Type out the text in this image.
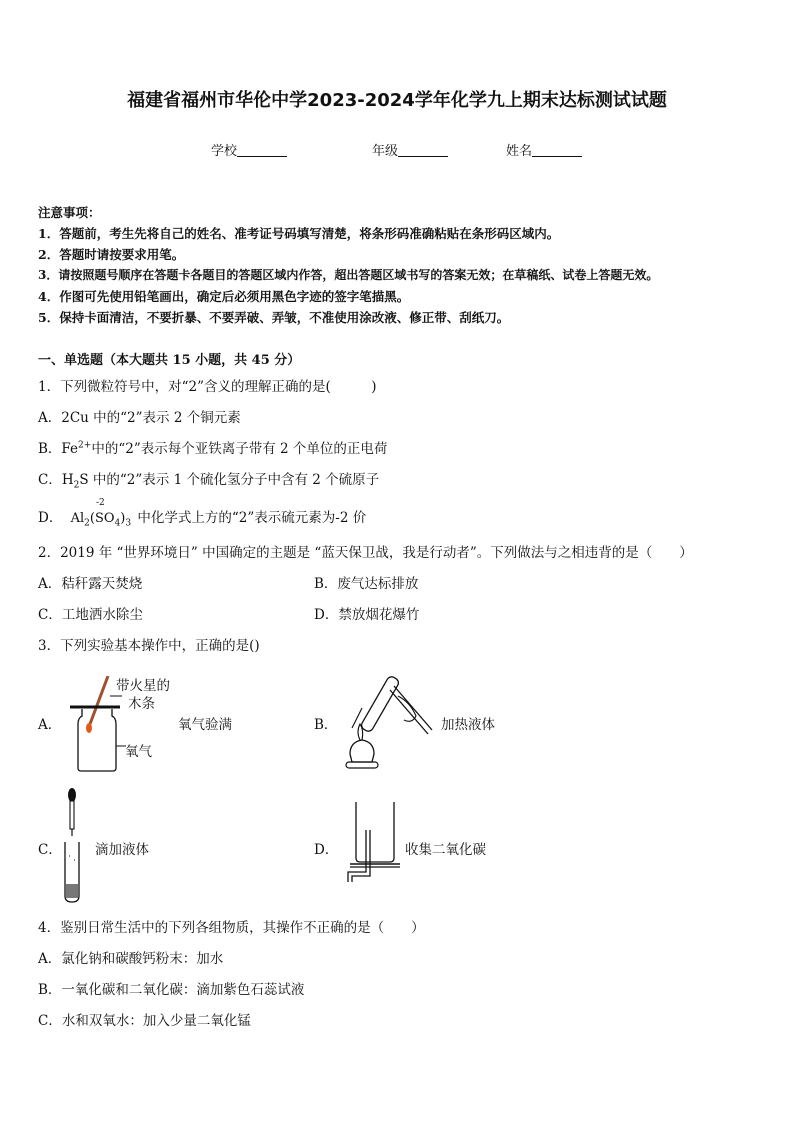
福建省福州市华伦中学2023-2024学年化学九上期末达标测试试题
学校	年级	姓名
注意事项：
1．答题前，考生先将自己的姓名、准考证号码填写清楚，将条形码准确粘贴在条形码区域内。
2．答题时请按要求用笔。
3．请按照题号顺序在答题卡各题目的答题区域内作答，超出答题区域书写的答案无效；在草稿纸、试卷上答题无效。
4．作图可先使用铅笔画出，确定后必须用黑色字迹的签字笔描黑。
5．保持卡面清洁，不要折暴、不要弄破、弄皱，不准使用涂改液、修正带、刮纸刀。
一、单选题（本大题共 15 小题，共 45 分）
1．下列微粒符号中，对“2”含义的理解正确的是(　　　)
A．2Cu 中的“2”表示 2 个铜元素
B．$Fe^{2+}$中的“2”表示每个亚铁离子带有 2 个单位的正电荷
C．$H_2S$ 中的“2”表示 1 个硫化氢分子中含有 2 个硫原子
D． $Al_2$(
-2
$SO_4)_3$ 中化学式上方的“2”表示硫元素为-2 价
2．2019 年 “世界环境日” 中国确定的主题是 “蓝天保卫战，我是行动者”。下列做法与之相违背的是（　　）
A．秸秆露天焚烧	B．废气达标排放
C．工地洒水除尘	D．禁放烟花爆竹
3．下列实验基本操作中，正确的是()
A．
带火星的
木条
氧气
氧气验满	B．	加热液体
C． 滴加液体	D．	收集二氧化碳
4．鉴别日常生活中的下列各组物质，其操作不正确的是（　　）
A．氯化钠和碳酸钙粉末：加水
B．一氧化碳和二氧化碳：滴加紫色石蕊试液
C．水和双氧水：加入少量二氧化锰
